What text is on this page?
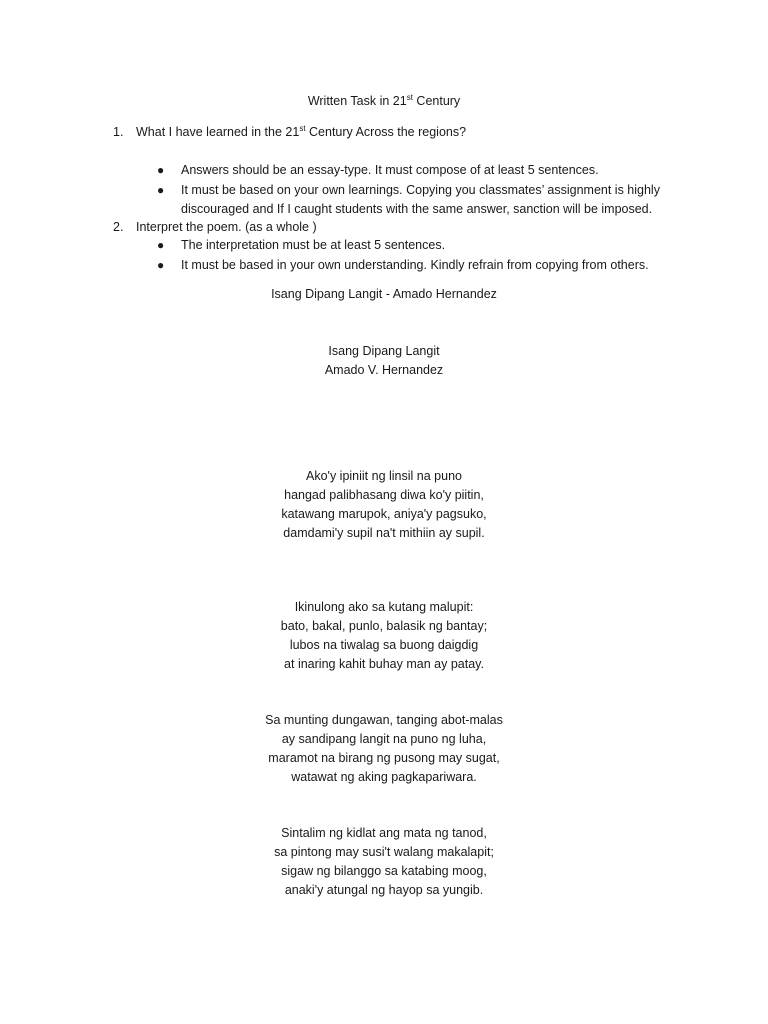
Written Task in 21st Century
1. What I have learned in the 21st Century Across the regions?
● Answers should be an essay-type. It must compose of at least 5 sentences.
● It must be based on your own learnings. Copying you classmates’ assignment is highly discouraged and If I caught students with the same answer, sanction will be imposed.
2. Interpret the poem. (as a whole )
● The interpretation must be at least 5 sentences.
● It must be based in your own understanding. Kindly refrain from copying from others.
Isang Dipang Langit - Amado Hernandez
Isang Dipang Langit
Amado V. Hernandez
Ako'y ipiniit ng linsil na puno
hangad palibhasang diwa ko'y piitin,
katawang marupok, aniya'y pagsuko,
damdami'y supil na't mithiin ay supil.
Ikinulong ako sa kutang malupit:
bato, bakal, punlo, balasik ng bantay;
lubos na tiwalag sa buong daigdig
at inaring kahit buhay man ay patay.
Sa munting dungawan, tanging abot-malas
ay sandipang langit na puno ng luha,
maramot na birang ng pusong may sugat,
watawat ng aking pagkapariwara.
Sintalim ng kidlat ang mata ng tanod,
sa pintong may susi't walang makalapit;
sigaw ng bilanggo sa katabing moog,
anaki'y atungal ng hayop sa yungib.
